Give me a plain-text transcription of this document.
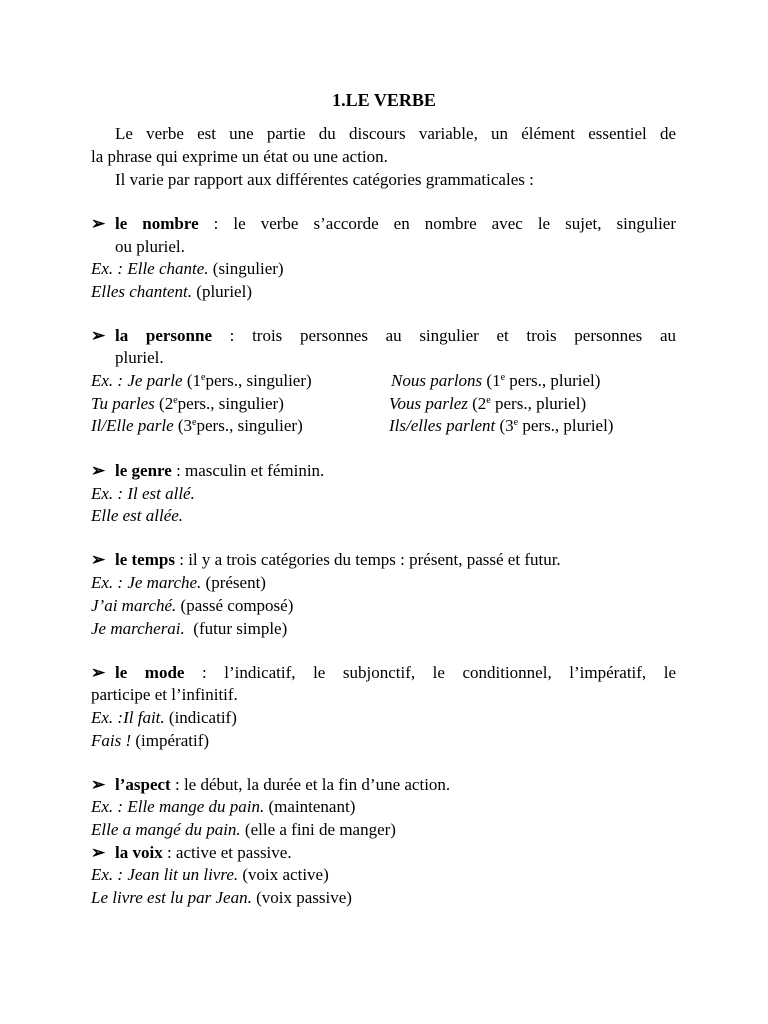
1.LE VERBE
Le verbe est une partie du discours variable, un élément essentiel de
la phrase qui exprime un état ou une action.
Il varie par rapport aux différentes catégories grammaticales :
➢ le nombre : le verbe s’accorde en nombre avec le sujet, singulier
ou pluriel.
Ex. : Elle chante. (singulier)
Elles chantent. (pluriel)
➢ la personne : trois personnes au singulier et trois personnes au
pluriel.
Ex. : Je parle (1epers., singulier)	Nous parlons (1e pers., pluriel)
Tu parles (2epers., singulier)	Vous parlez (2e pers., pluriel)
Il/Elle parle (3epers., singulier)	Ils/elles parlent (3e pers., pluriel)
➢ le genre : masculin et féminin.
Ex. : Il est allé.
Elle est allée.
➢ le temps : il y a trois catégories du temps : présent, passé et futur.
Ex. : Je marche. (présent)
J’ai marché. (passé composé)
Je marcherai.  (futur simple)
➢ le mode : l’indicatif, le subjonctif, le conditionnel, l’impératif, le
participe et l’infinitif.
Ex. :Il fait. (indicatif)
Fais ! (impératif)
➢ l’aspect : le début, la durée et la fin d’une action.
Ex. : Elle mange du pain. (maintenant)
Elle a mangé du pain. (elle a fini de manger)
➢ la voix : active et passive.
Ex. : Jean lit un livre. (voix active)
Le livre est lu par Jean. (voix passive)
